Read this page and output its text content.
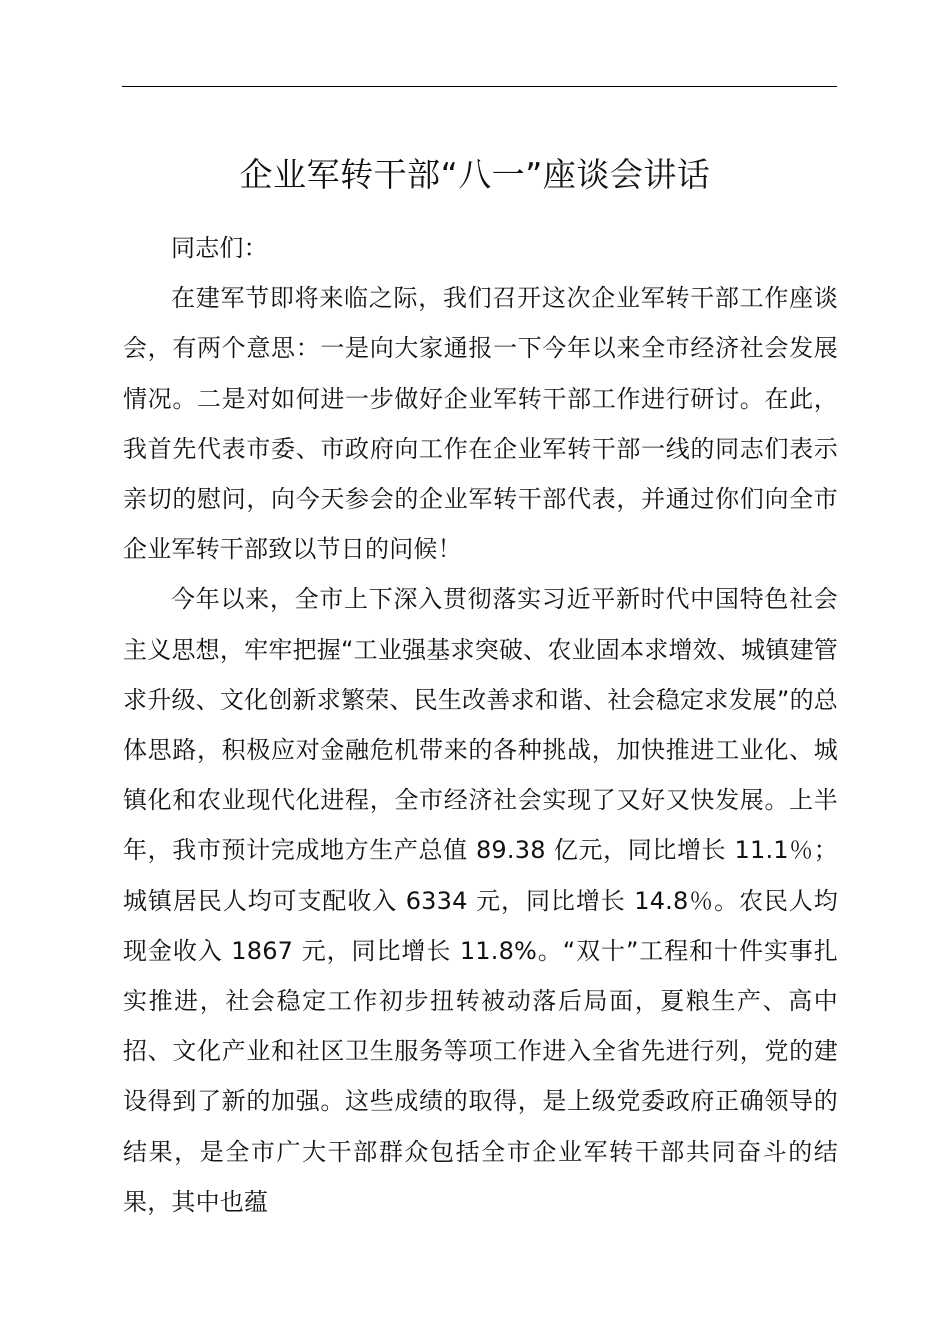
企业军转干部“八一”座谈会讲话

同志们：

在建军节即将来临之际，我们召开这次企业军转干部工作座谈会，有两个意思：一是向大家通报一下今年以来全市经济社会发展情况。二是对如何进一步做好企业军转干部工作进行研讨。在此，我首先代表市委、市政府向工作在企业军转干部一线的同志们表示亲切的慰问，向今天参会的企业军转干部代表，并通过你们向全市企业军转干部致以节日的问候！

今年以来，全市上下深入贯彻落实习近平新时代中国特色社会主义思想，牢牢把握“工业强基求突破、农业固本求增效、城镇建管求升级、文化创新求繁荣、民生改善求和谐、社会稳定求发展”的总体思路，积极应对金融危机带来的各种挑战，加快推进工业化、城镇化和农业现代化进程，全市经济社会实现了又好又快发展。上半年，我市预计完成地方生产总值 89.38 亿元，同比增长 11.1％；城镇居民人均可支配收入 6334 元，同比增长 14.8％。农民人均现金收入 1867 元，同比增长 11.8%。“双十”工程和十件实事扎实推进，社会稳定工作初步扭转被动落后局面，夏粮生产、高中招、文化产业和社区卫生服务等项工作进入全省先进行列，党的建设得到了新的加强。这些成绩的取得，是上级党委政府正确领导的结果，是全市广大干部群众包括全市企业军转干部共同奋斗的结果，其中也蕴
